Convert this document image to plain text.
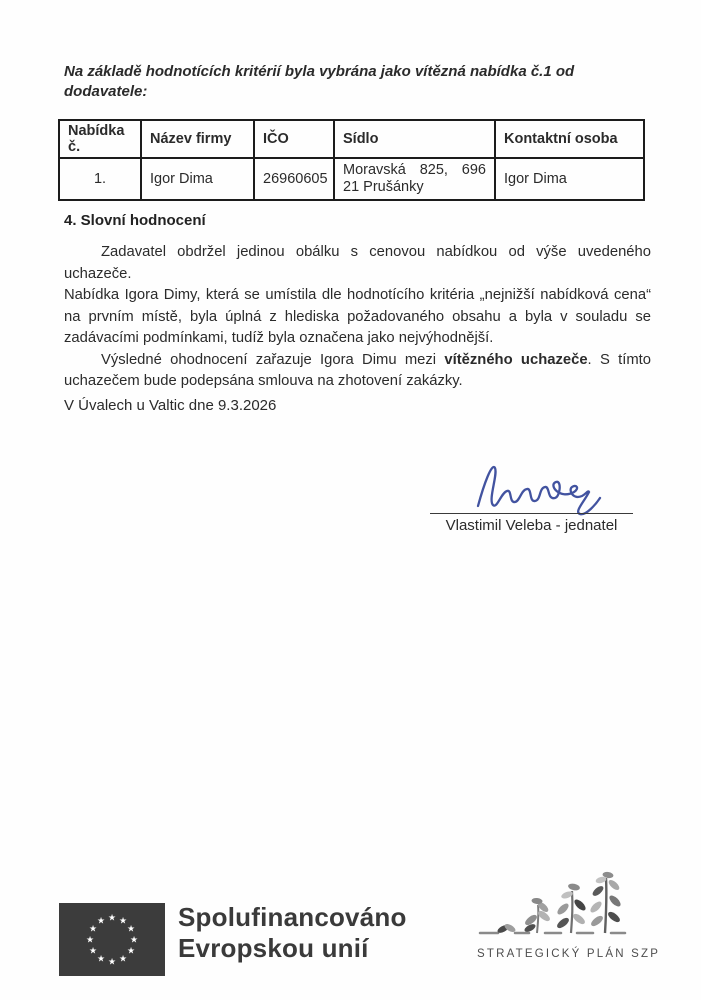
Na základě hodnotících kritérií byla vybrána jako vítězná nabídka č.1 od dodavatele:
Nabídka č.	Název firmy	IČO	Sídlo	Kontaktní osoba
1.	Igor Dima	26960605	Moravská 825, 696 21 Prušánky	Igor Dima
4. Slovní hodnocení

Zadavatel obdržel jedinou obálku s cenovou nabídkou od výše uvedeného uchazeče.

Nabídka Igora Dimy, která se umístila dle hodnotícího kritéria „nejnižší nabídková cena“ na prvním místě, byla úplná z hlediska požadovaného obsahu a byla v souladu se zadávacími podmínkami, tudíž byla označena jako nejvýhodnější.

Výsledné ohodnocení zařazuje Igora Dimu mezi vítězného uchazeče. S tímto uchazečem bude podepsána smlouva na zhotovení zakázky.

V Úvalech u Valtic dne 9.3.2026
Vlastimil Veleba - jednatel
★ ★
★
★
★
★
★
★
★
★
★
★	Spolufinancováno
Evropskou unií	STRATEGICKÝ PLÁN SZP
